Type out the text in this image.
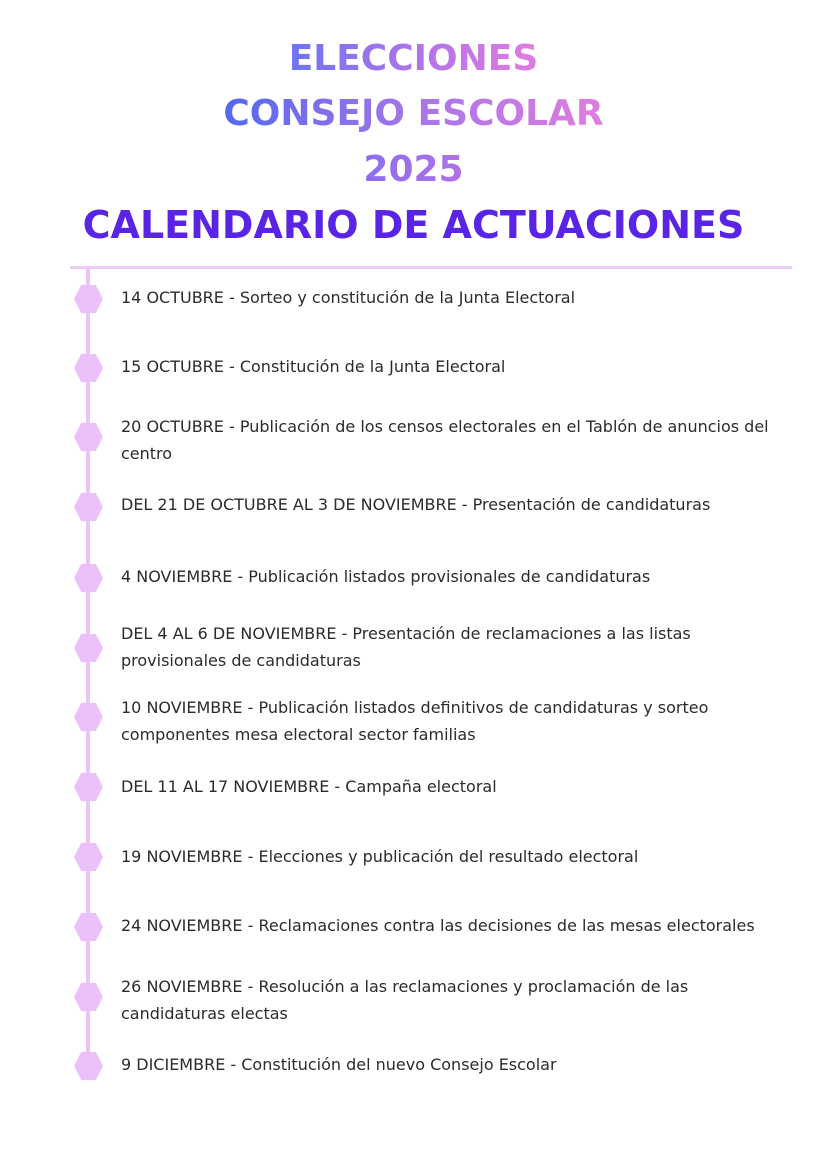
ELECCIONES
CONSEJO ESCOLAR
2025
CALENDARIO DE ACTUACIONES
14 OCTUBRE - Sorteo y constitución de la Junta Electoral
15 OCTUBRE - Constitución de la Junta Electoral
20 OCTUBRE - Publicación de los censos electorales en el Tablón de anuncios del centro
DEL 21 DE OCTUBRE AL 3 DE NOVIEMBRE - Presentación de candidaturas
4 NOVIEMBRE - Publicación listados provisionales de candidaturas
DEL 4 AL 6 DE NOVIEMBRE - Presentación de reclamaciones a las listas provisionales de candidaturas
10 NOVIEMBRE - Publicación listados definitivos de candidaturas y sorteo componentes mesa electoral sector familias
DEL 11 AL 17 NOVIEMBRE - Campaña electoral
19 NOVIEMBRE - Elecciones y publicación del resultado electoral
24 NOVIEMBRE - Reclamaciones contra las decisiones de las mesas electorales
26 NOVIEMBRE - Resolución a las reclamaciones y proclamación de las candidaturas electas
9 DICIEMBRE - Constitución del nuevo Consejo Escolar
